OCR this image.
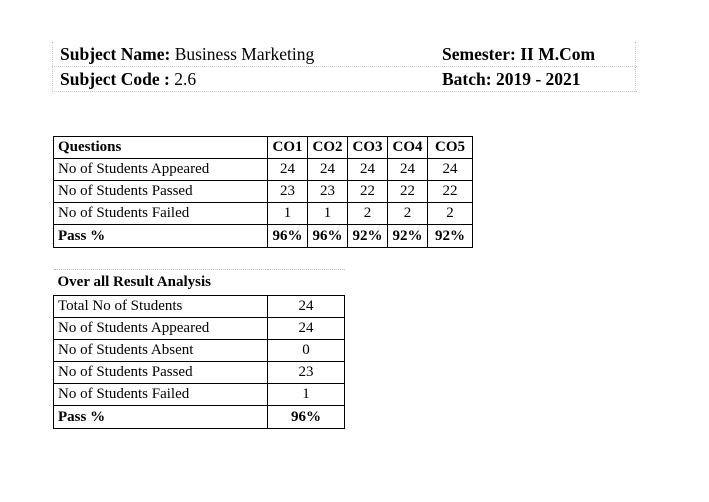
Subject Name: Business Marketing	Semester: II M.Com
Subject Code : 2.6	Batch: 2019 - 2021
Questions	CO1	CO2	CO3	CO4	CO5
No of Students Appeared	24	24	24	24	24
No of Students Passed	23	23	22	22	22
No of Students Failed	1	1	2	2	2
Pass %	96%	96%	92%	92%	92%
Over all Result Analysis	
Total No of Students	24
No of Students Appeared	24
No of Students Absent	0
No of Students Passed	23
No of Students Failed	1
Pass %	96%
